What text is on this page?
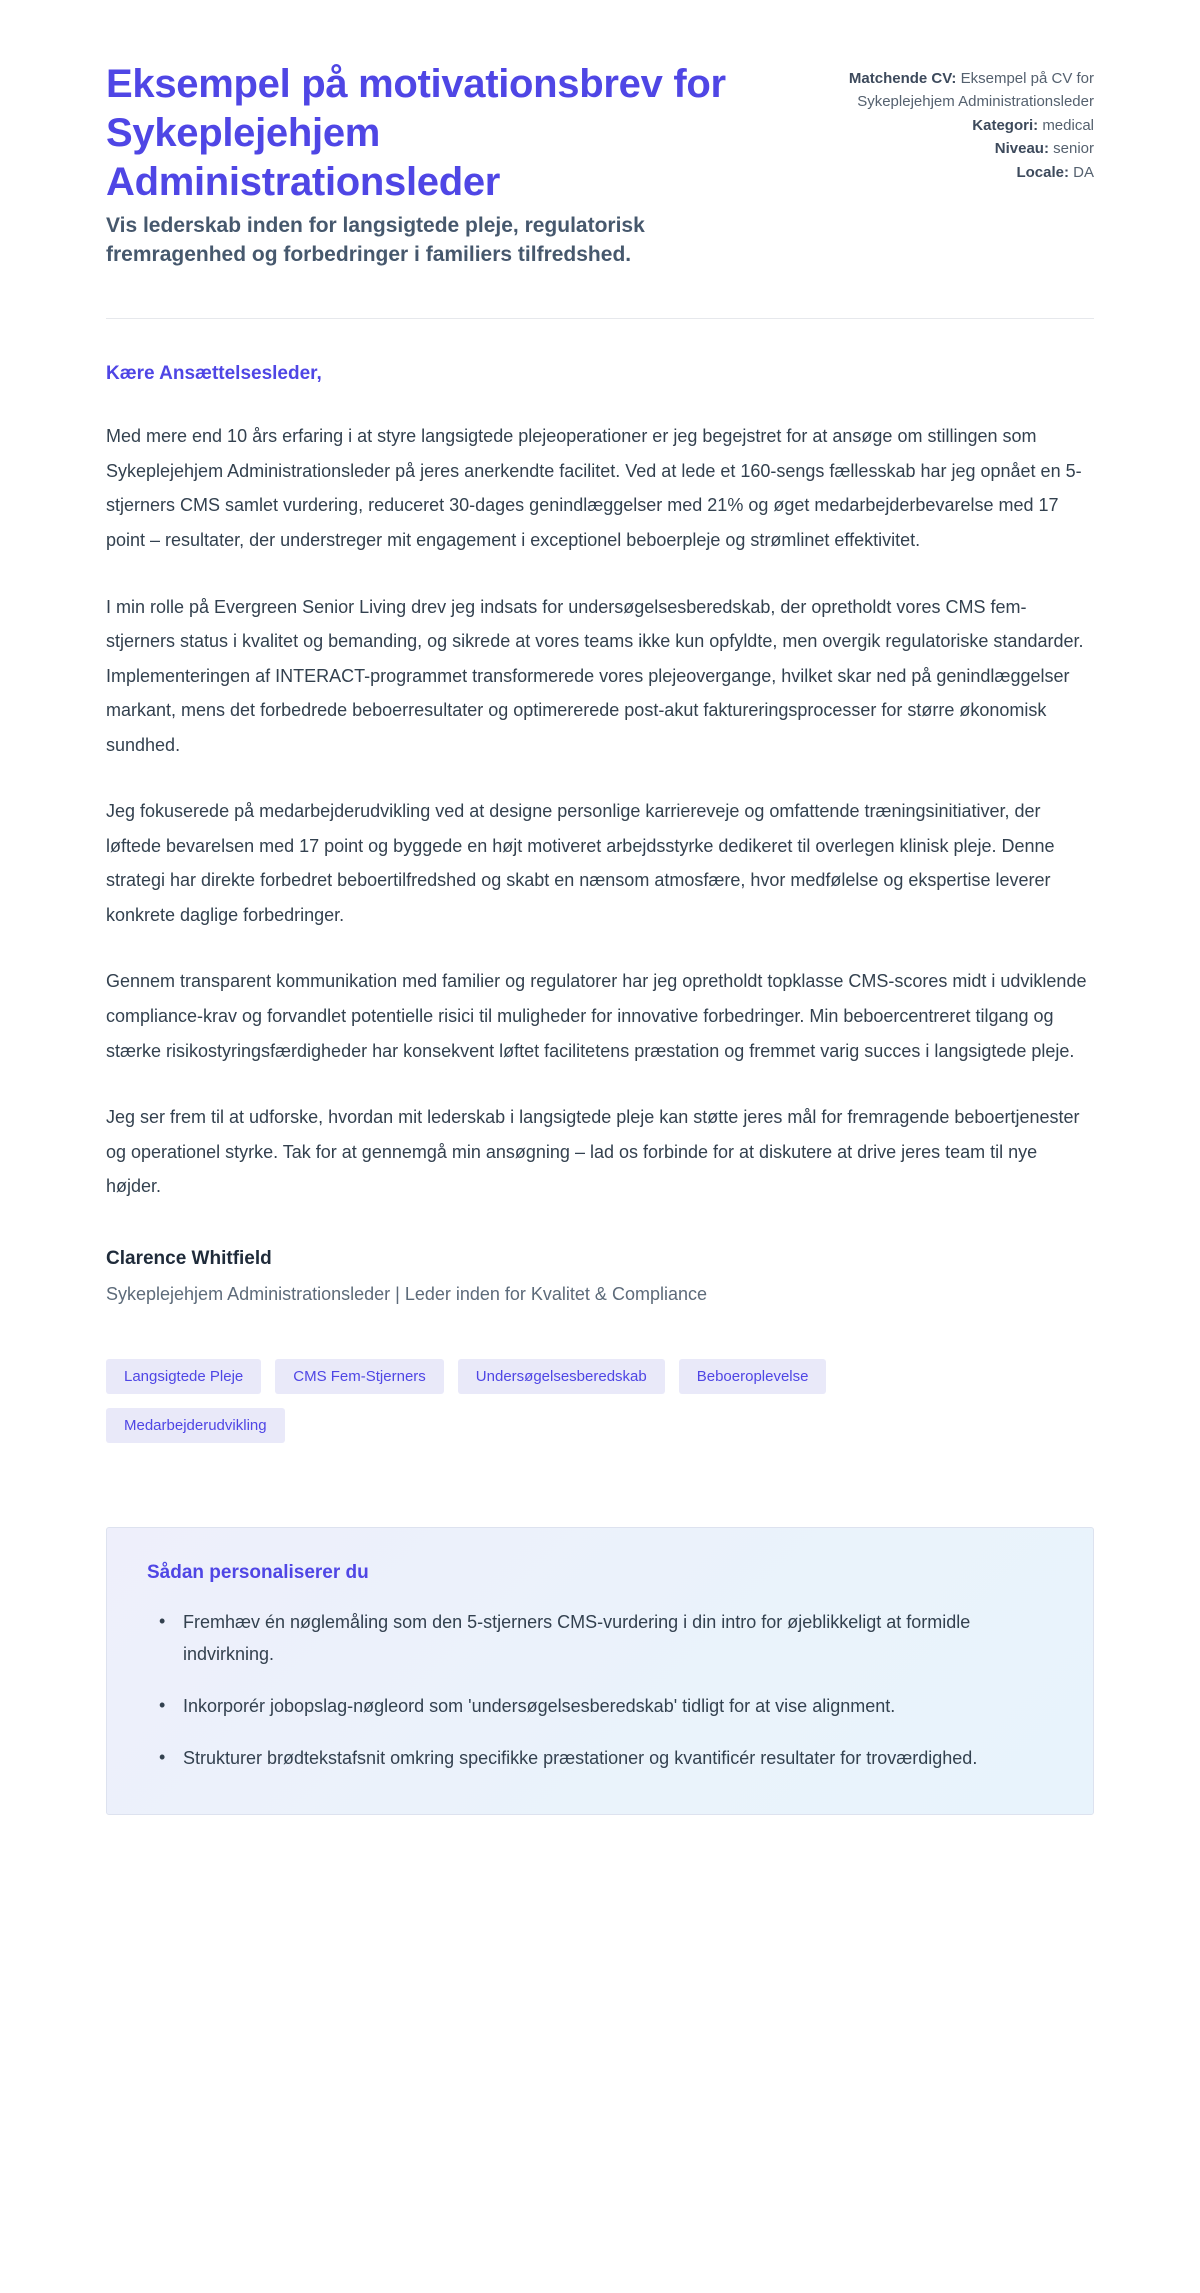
Eksempel på motivationsbrev for Sykeplejehjem Administrationsleder

Vis lederskab inden for langsigtede pleje, regulatorisk fremragenhed og forbedringer i familiers tilfredshed.

Matchende CV: Eksempel på CV for Sykeplejehjem Administrationsleder
Kategori: medical
Niveau: senior
Locale: DA

Kære Ansættelsesleder,

Med mere end 10 års erfaring i at styre langsigtede plejeoperationer er jeg begejstret for at ansøge om stillingen som Sykeplejehjem Administrationsleder på jeres anerkendte facilitet. Ved at lede et 160-sengs fællesskab har jeg opnået en 5-stjerners CMS samlet vurdering, reduceret 30-dages genindlæggelser med 21% og øget medarbejderbevarelse med 17 point – resultater, der understreger mit engagement i exceptionel beboerpleje og strømlinet effektivitet.

I min rolle på Evergreen Senior Living drev jeg indsats for undersøgelsesberedskab, der opretholdt vores CMS fem-stjerners status i kvalitet og bemanding, og sikrede at vores teams ikke kun opfyldte, men overgik regulatoriske standarder. Implementeringen af INTERACT-programmet transformerede vores plejeovergange, hvilket skar ned på genindlæggelser markant, mens det forbedrede beboerresultater og optimererede post-akut faktureringsprocesser for større økonomisk sundhed.

Jeg fokuserede på medarbejderudvikling ved at designe personlige karriereveje og omfattende træningsinitiativer, der løftede bevarelsen med 17 point og byggede en højt motiveret arbejdsstyrke dedikeret til overlegen klinisk pleje. Denne strategi har direkte forbedret beboertilfredshed og skabt en nænsom atmosfære, hvor medfølelse og ekspertise leverer konkrete daglige forbedringer.

Gennem transparent kommunikation med familier og regulatorer har jeg opretholdt topklasse CMS-scores midt i udviklende compliance-krav og forvandlet potentielle risici til muligheder for innovative forbedringer. Min beboercentreret tilgang og stærke risikostyringsfærdigheder har konsekvent løftet facilitetens præstation og fremmet varig succes i langsigtede pleje.

Jeg ser frem til at udforske, hvordan mit lederskab i langsigtede pleje kan støtte jeres mål for fremragende beboertjenester og operationel styrke. Tak for at gennemgå min ansøgning – lad os forbinde for at diskutere at drive jeres team til nye højder.

Clarence Whitfield

Sykeplejehjem Administrationsleder | Leder inden for Kvalitet & Compliance

Langsigtede Pleje	CMS Fem-Stjerners	Undersøgelsesberedskab	Beboeroplevelse
Medarbejderudvikling

Sådan personaliserer du

• Fremhæv én nøglemåling som den 5-stjerners CMS-vurdering i din intro for øjeblikkeligt at formidle indvirkning.
• Inkorporér jobopslag-nøgleord som 'undersøgelsesberedskab' tidligt for at vise alignment.
• Strukturer brødtekstafsnit omkring specifikke præstationer og kvantificér resultater for troværdighed.
